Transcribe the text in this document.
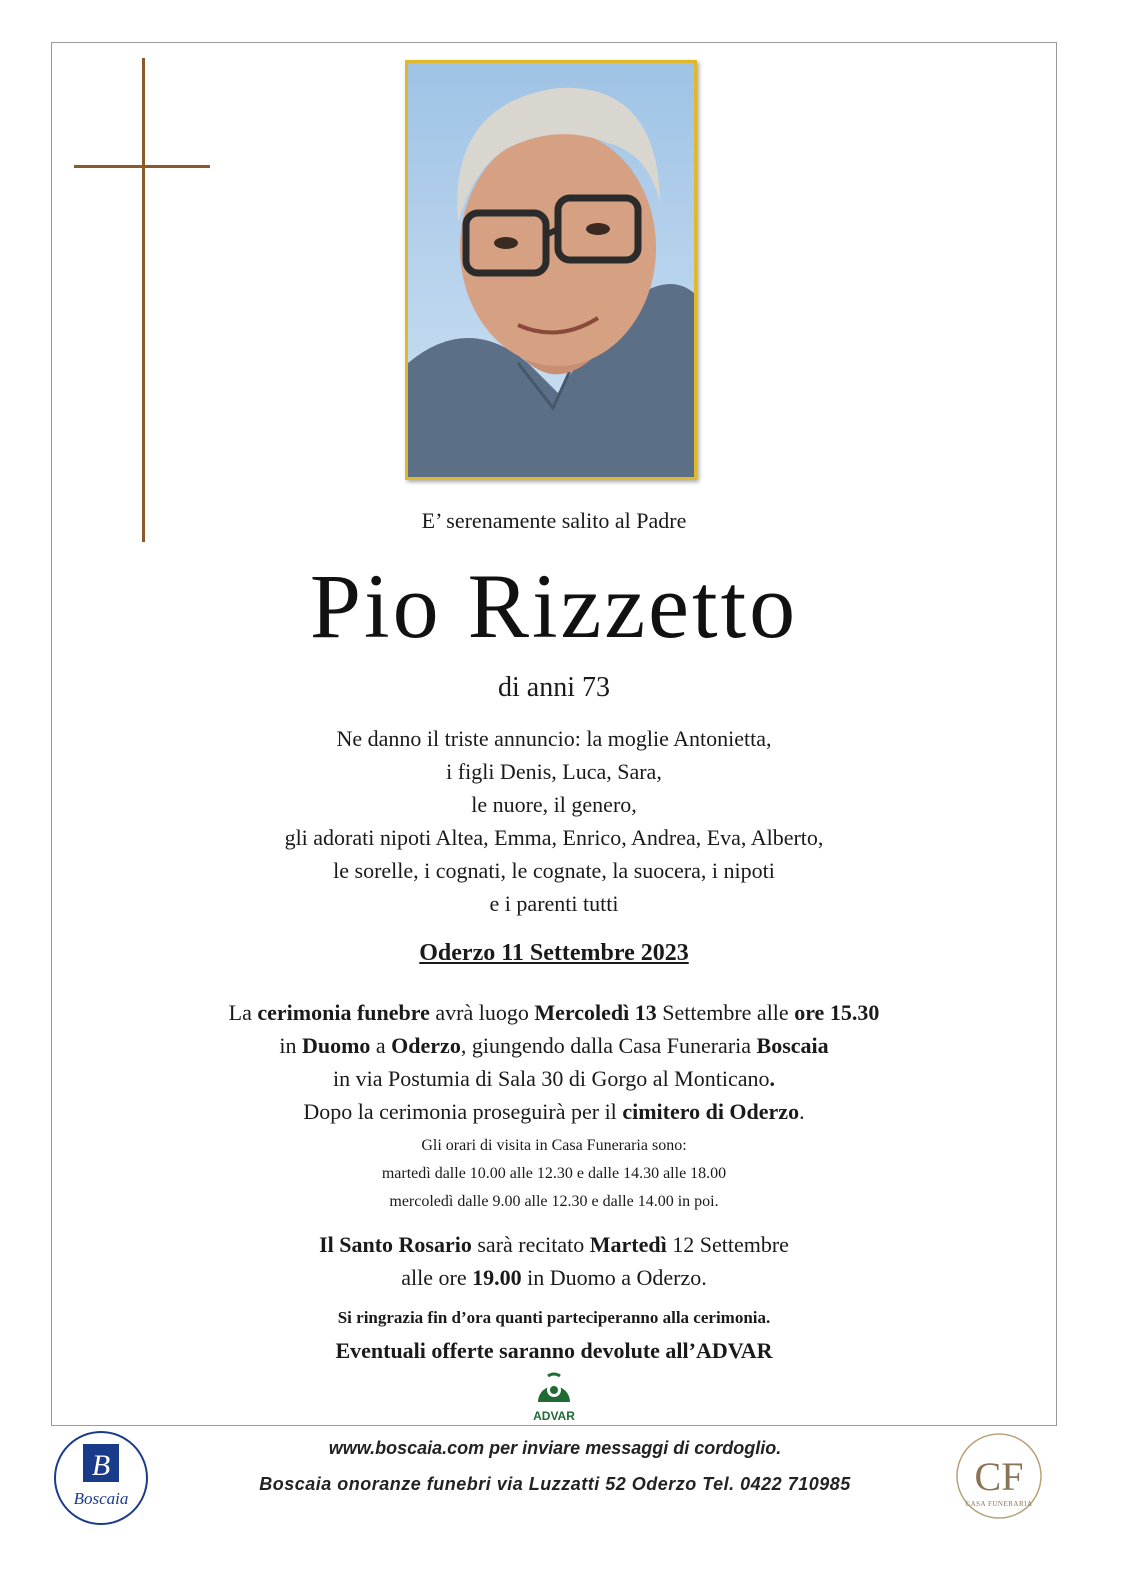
E’ serenamente salito al Padre
Pio Rizzetto
di anni 73
Ne danno il triste annuncio: la moglie Antonietta,
i figli Denis, Luca, Sara,
le nuore, il genero,
gli adorati nipoti Altea, Emma, Enrico, Andrea, Eva, Alberto,
le sorelle, i cognati, le cognate, la suocera, i nipoti
e i parenti tutti
Oderzo 11 Settembre 2023
La cerimonia funebre avrà luogo Mercoledì 13 Settembre alle ore 15.30
in Duomo a Oderzo, giungendo dalla Casa Funeraria Boscaia
in via Postumia di Sala 30 di Gorgo al Monticano.
Dopo la cerimonia proseguirà per il cimitero di Oderzo.
Gli orari di visita in Casa Funeraria sono:
martedì dalle 10.00 alle 12.30 e dalle 14.30 alle 18.00
mercoledì dalle 9.00 alle 12.30 e dalle 14.00 in poi.
Il Santo Rosario sarà recitato Martedì 12 Settembre
alle ore 19.00 in Duomo a Oderzo.
Si ringrazia fin d’ora quanti parteciperanno alla cerimonia.
Eventuali offerte saranno devolute all’ADVAR
ADVAR
www.boscaia.com per inviare messaggi di cordoglio.
Boscaia onoranze funebri via Luzzatti 52 Oderzo Tel. 0422 710985
B
Boscaia	CF
CASA FUNERARIA
